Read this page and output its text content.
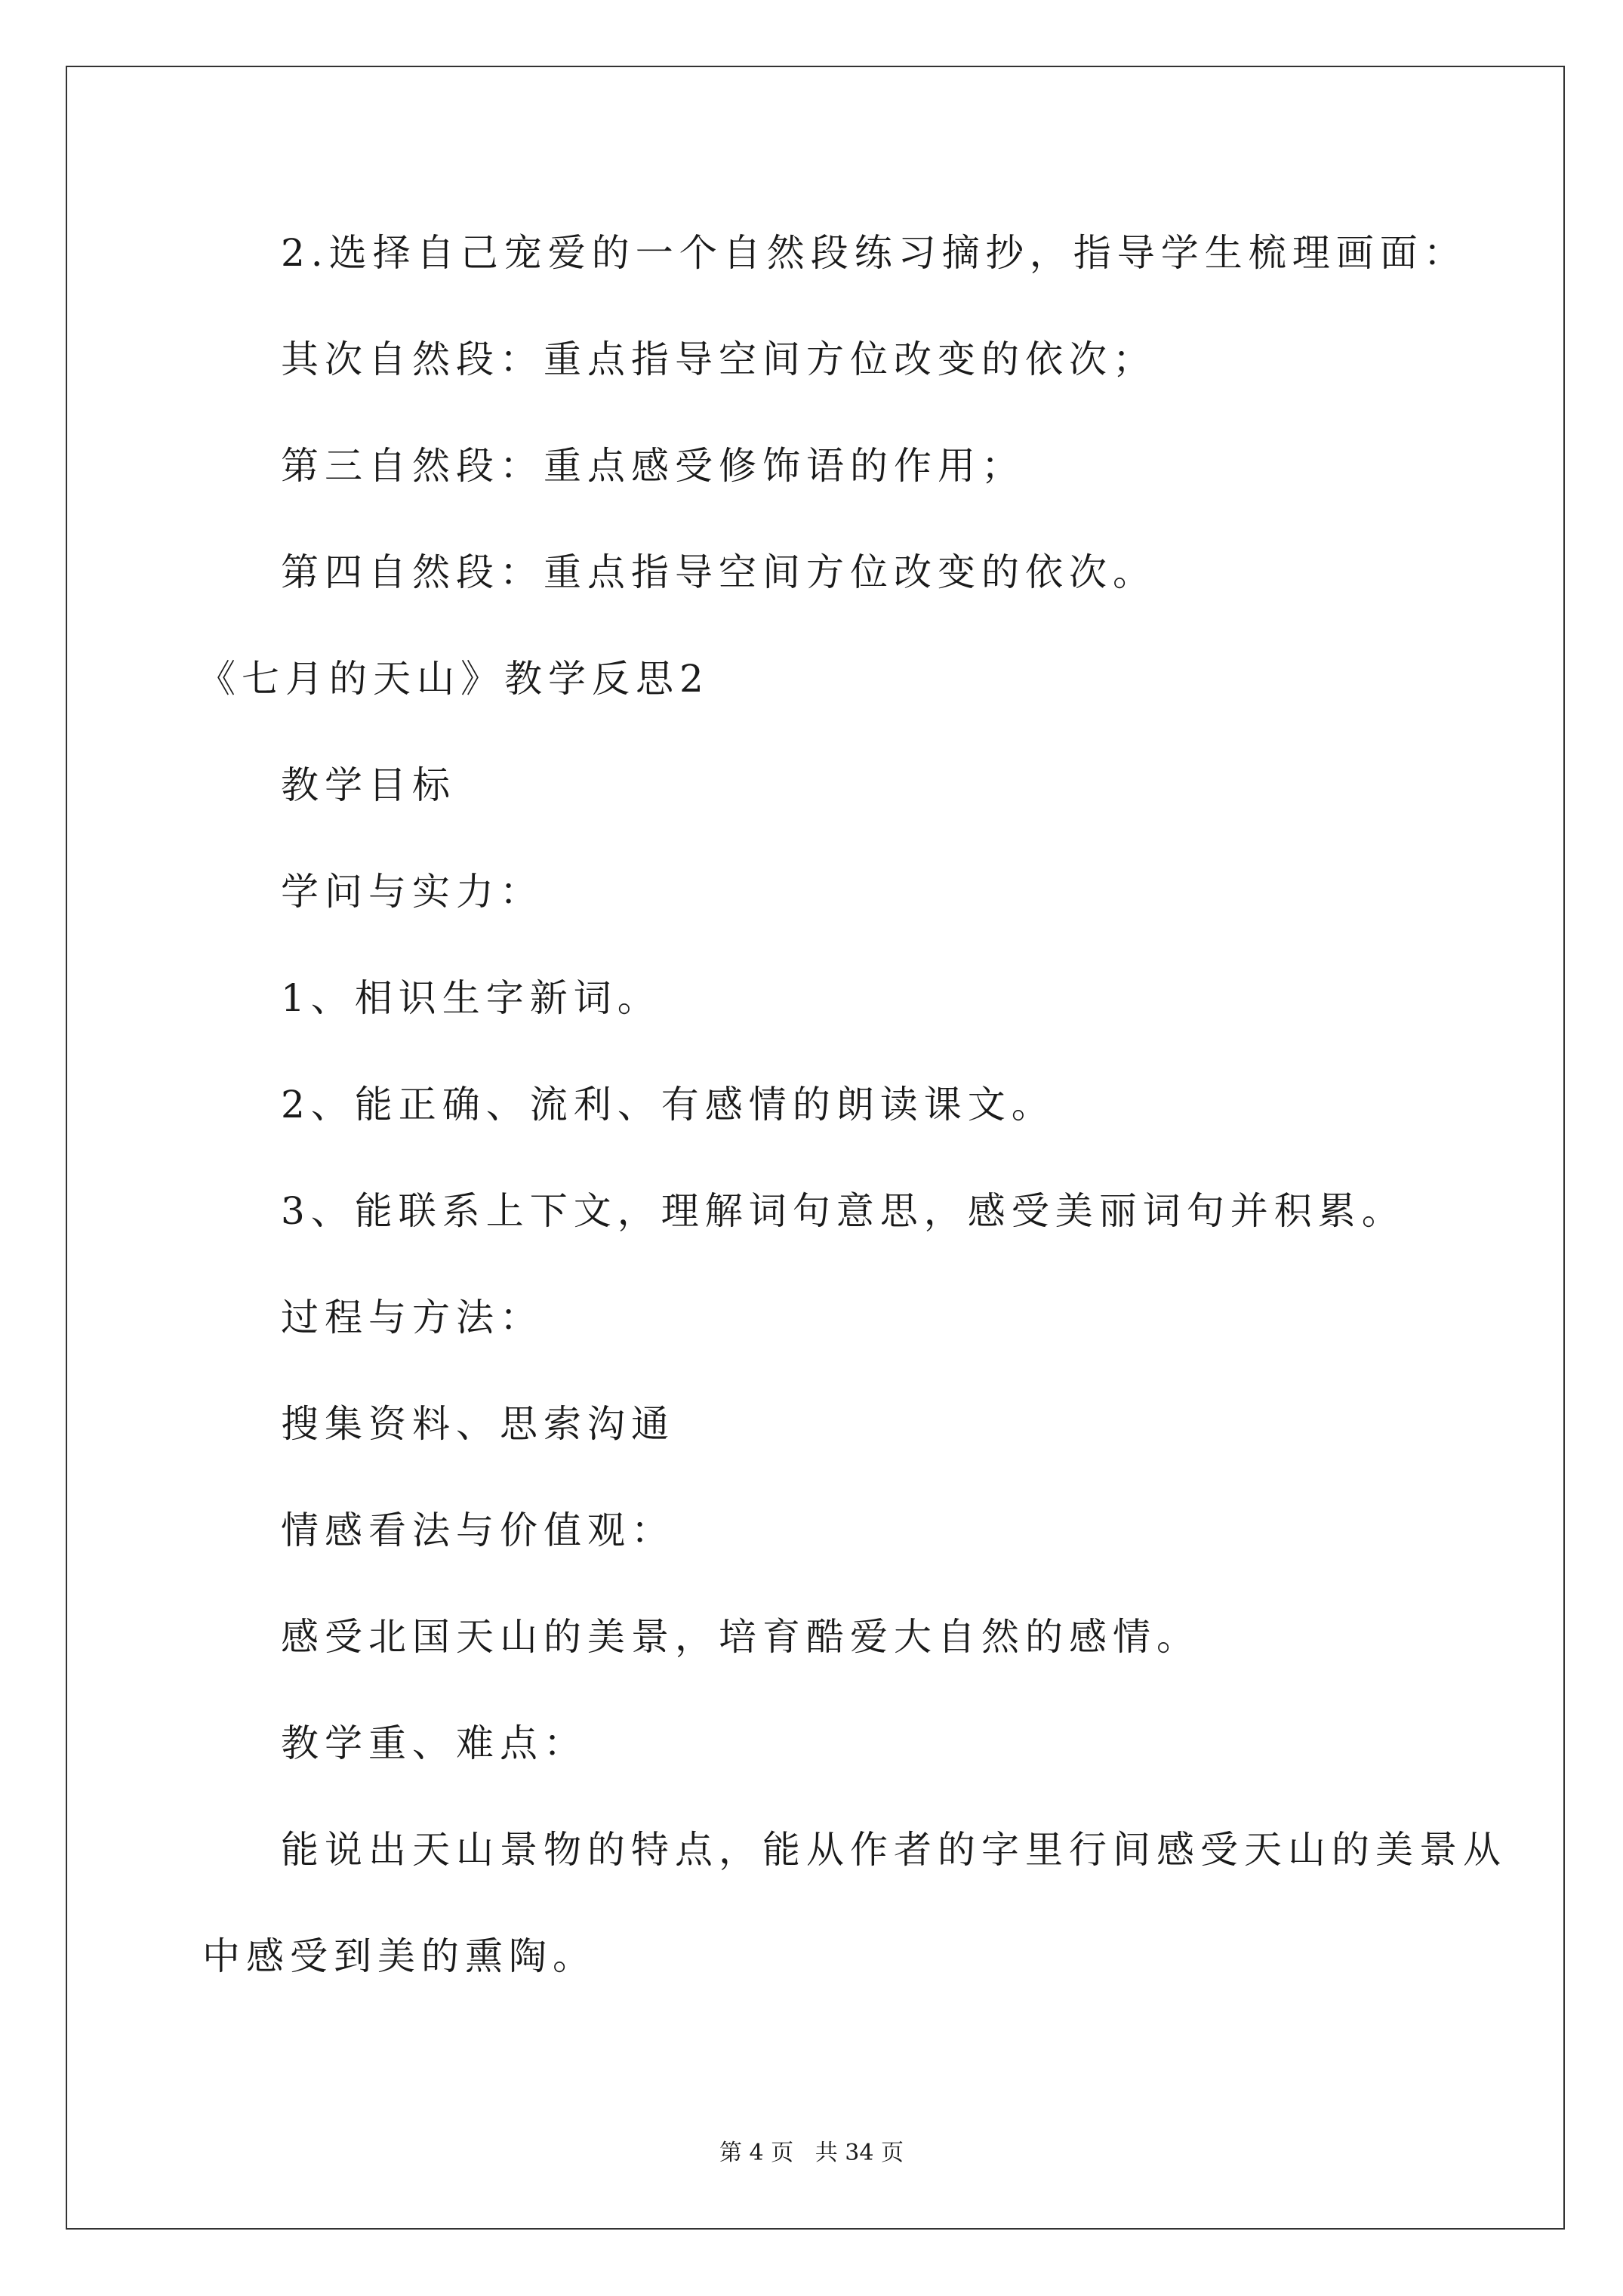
2.选择自己宠爱的一个自然段练习摘抄，指导学生梳理画面：
其次自然段：重点指导空间方位改变的依次；
第三自然段：重点感受修饰语的作用；
第四自然段：重点指导空间方位改变的依次。
《七月的天山》教学反思2
教学目标
学问与实力：
1、相识生字新词。
2、能正确、流利、有感情的朗读课文。
3、能联系上下文，理解词句意思，感受美丽词句并积累。
过程与方法：
搜集资料、思索沟通
情感看法与价值观：
感受北国天山的美景，培育酷爱大自然的感情。
教学重、难点：
能说出天山景物的特点，能从作者的字里行间感受天山的美景从
中感受到美的熏陶。
第 4 页   共 34 页
